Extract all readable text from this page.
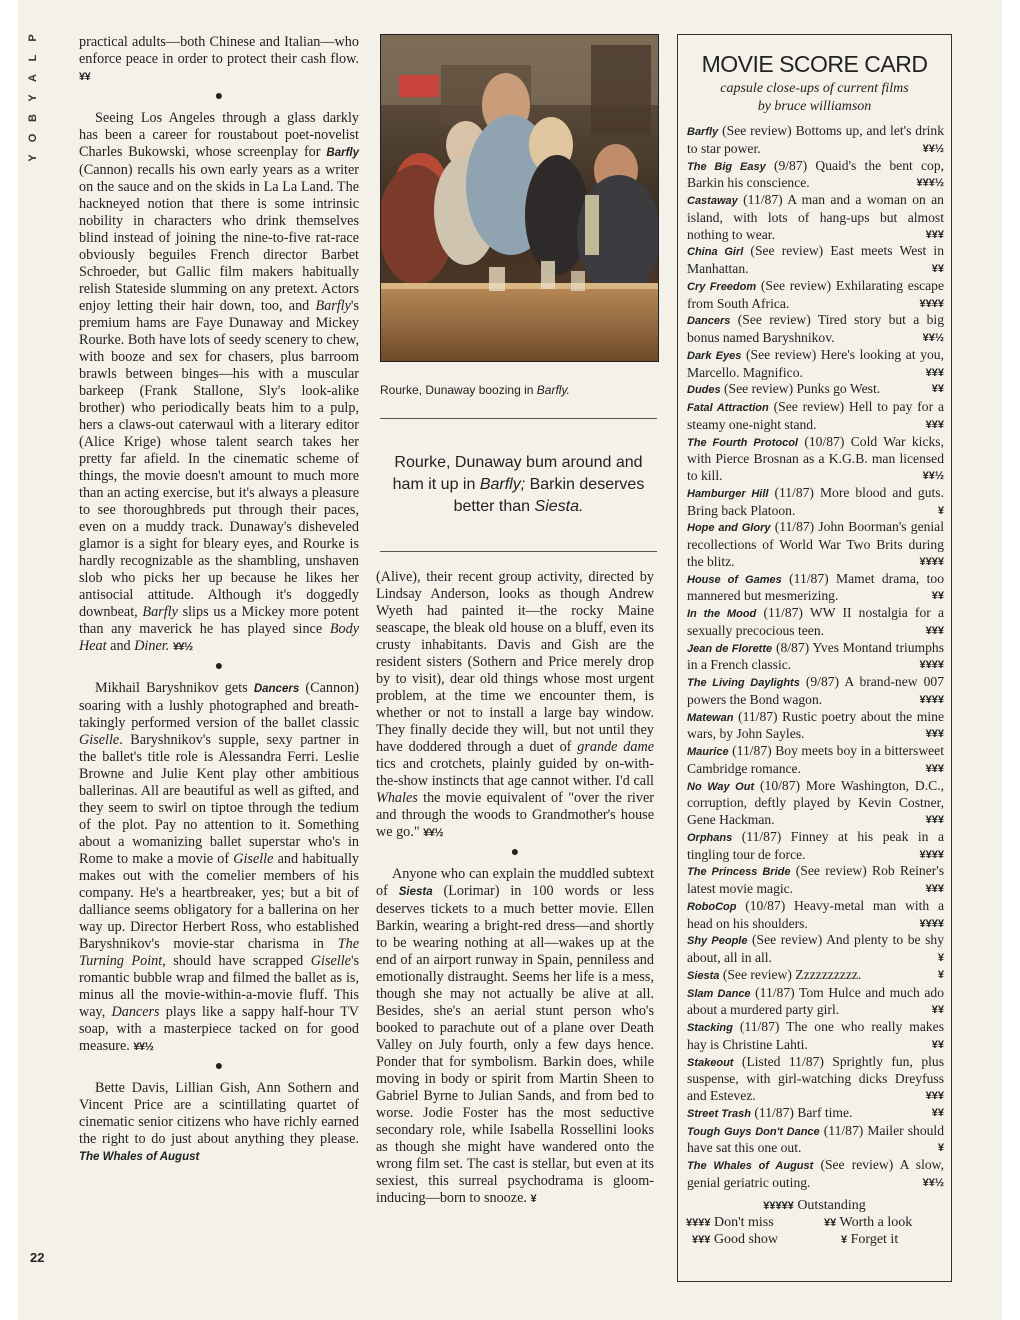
P
L
A
Y
B
O
Y

practical adults—both Chinese and Italian—who enforce peace in order to protect their cash flow. ¥¥

●

Seeing Los Angeles through a glass darkly has been a career for roustabout poet-novelist Charles Bukowski, whose screenplay for Barfly (Cannon) recalls his own early years as a writer on the sauce and on the skids in La La Land. The hackneyed notion that there is some intrinsic nobility in characters who drink themselves blind instead of joining the nine-to-five rat-race obviously beguiles French director Barbet Schroeder, but Gallic film makers habitually relish Stateside slumming on any pretext. Actors enjoy letting their hair down, too, and Barfly's premium hams are Faye Dunaway and Mickey Rourke. Both have lots of seedy scenery to chew, with booze and sex for chasers, plus barroom brawls between binges—his with a muscular barkeep (Frank Stallone, Sly's look-alike brother) who periodically beats him to a pulp, hers a claws-out caterwaul with a literary editor (Alice Krige) whose talent search takes her pretty far afield. In the cinematic scheme of things, the movie doesn't amount to much more than an acting exercise, but it's always a pleasure to see thoroughbreds put through their paces, even on a muddy track. Dunaway's disheveled glamor is a sight for bleary eyes, and Rourke is hardly recognizable as the shambling, unshaven slob who picks her up because he likes her antisocial attitude. Although it's doggedly downbeat, Barfly slips us a Mickey more potent than any maverick he has played since Body Heat and Diner. ¥¥½

●

Mikhail Baryshnikov gets Dancers (Cannon) soaring with a lushly photographed and breath-takingly performed version of the ballet classic Giselle. Baryshnikov's supple, sexy partner in the ballet's title role is Alessandra Ferri. Leslie Browne and Julie Kent play other ambitious ballerinas. All are beautiful as well as gifted, and they seem to swirl on tiptoe through the tedium of the plot. Pay no attention to it. Something about a womanizing ballet superstar who's in Rome to make a movie of Giselle and habitually makes out with the comelier members of his company. He's a heartbreaker, yes; but a bit of dalliance seems obligatory for a ballerina on her way up. Director Herbert Ross, who established Baryshnikov's movie-star charisma in The Turning Point, should have scrapped Giselle's romantic bubble wrap and filmed the ballet as is, minus all the movie-within-a-movie fluff. This way, Dancers plays like a sappy half-hour TV soap, with a masterpiece tacked on for good measure. ¥¥½

●

Bette Davis, Lillian Gish, Ann Sothern and Vincent Price are a scintillating quartet of cinematic senior citizens who have richly earned the right to do just about anything they please. The Whales of August

Rourke, Dunaway boozing in Barfly.
Rourke, Dunaway bum around and ham it up in Barfly; Barkin deserves better than Siesta.

(Alive), their recent group activity, directed by Lindsay Anderson, looks as though Andrew Wyeth had painted it—the rocky Maine seascape, the bleak old house on a bluff, even its crusty inhabitants. Davis and Gish are the resident sisters (Sothern and Price merely drop by to visit), dear old things whose most urgent problem, at the time we encounter them, is whether or not to install a large bay window. They finally decide they will, but not until they have doddered through a duet of grande dame tics and crotchets, plainly guided by on-with-the-show instincts that age cannot wither. I'd call Whales the movie equivalent of "over the river and through the woods to Grandmother's house we go." ¥¥½

●

Anyone who can explain the muddled subtext of Siesta (Lorimar) in 100 words or less deserves tickets to a much better movie. Ellen Barkin, wearing a bright-red dress—and shortly to be wearing nothing at all—wakes up at the end of an airport runway in Spain, penniless and emotionally distraught. Seems her life is a mess, though she may not actually be alive at all. Besides, she's an aerial stunt person who's booked to parachute out of a plane over Death Valley on July fourth, only a few days hence. Ponder that for symbolism. Barkin does, while moving in body or spirit from Martin Sheen to Gabriel Byrne to Julian Sands, and from bed to worse. Jodie Foster has the most seductive secondary role, while Isabella Rossellini looks as though she might have wandered onto the wrong film set. The cast is stellar, but even at its sexiest, this surreal psychodrama is gloom-inducing—born to snooze. ¥

MOVIE SCORE CARD
capsule close-ups of current films
by bruce williamson

Barfly (See review) Bottoms up, and let's drink to star power.	¥¥½

The Big Easy (9/87) Quaid's the bent cop, Barkin his conscience.	¥¥¥½

Castaway (11/87) A man and a woman on an island, with lots of hang-ups but almost nothing to wear.	¥¥¥

China Girl (See review) East meets West in Manhattan.	¥¥

Cry Freedom (See review) Exhilarating escape from South Africa.	¥¥¥¥

Dancers (See review) Tired story but a big bonus named Baryshnikov.	¥¥½

Dark Eyes (See review) Here's looking at you, Marcello. Magnifico.	¥¥¥

Dudes (See review) Punks go West.	¥¥

Fatal Attraction (See review) Hell to pay for a steamy one-night stand.	¥¥¥

The Fourth Protocol (10/87) Cold War kicks, with Pierce Brosnan as a K.G.B. man licensed to kill.	¥¥½

Hamburger Hill (11/87) More blood and guts. Bring back Platoon.	¥

Hope and Glory (11/87) John Boorman's genial recollections of World War Two Brits during the blitz.	¥¥¥¥

House of Games (11/87) Mamet drama, too mannered but mesmerizing.	¥¥

In the Mood (11/87) WW II nostalgia for a sexually precocious teen.	¥¥¥

Jean de Florette (8/87) Yves Montand triumphs in a French classic.	¥¥¥¥

The Living Daylights (9/87) A brand-new 007 powers the Bond wagon.	¥¥¥¥

Matewan (11/87) Rustic poetry about the mine wars, by John Sayles.	¥¥¥

Maurice (11/87) Boy meets boy in a bittersweet Cambridge romance.	¥¥¥

No Way Out (10/87) More Washington, D.C., corruption, deftly played by Kevin Costner, Gene Hackman.	¥¥¥

Orphans (11/87) Finney at his peak in a tingling tour de force.	¥¥¥¥

The Princess Bride (See review) Rob Reiner's latest movie magic.	¥¥¥

RoboCop (10/87) Heavy-metal man with a head on his shoulders.	¥¥¥¥

Shy People (See review) And plenty to be shy about, all in all.	¥

Siesta (See review) Zzzzzzzzzz.	¥

Slam Dance (11/87) Tom Hulce and much ado about a murdered party girl.	¥¥

Stacking (11/87) The one who really makes hay is Christine Lahti.	¥¥

Stakeout (Listed 11/87) Sprightly fun, plus suspense, with girl-watching dicks Dreyfuss and Estevez.	¥¥¥

Street Trash (11/87) Barf time.	¥¥

Tough Guys Don't Dance (11/87) Mailer should have sat this one out.	¥

The Whales of August (See review) A slow, genial geriatric outing.	¥¥½

¥¥¥¥¥ Outstanding
¥¥¥¥ Don't miss	¥¥ Worth a look
¥¥¥ Good show	¥ Forget it
22
